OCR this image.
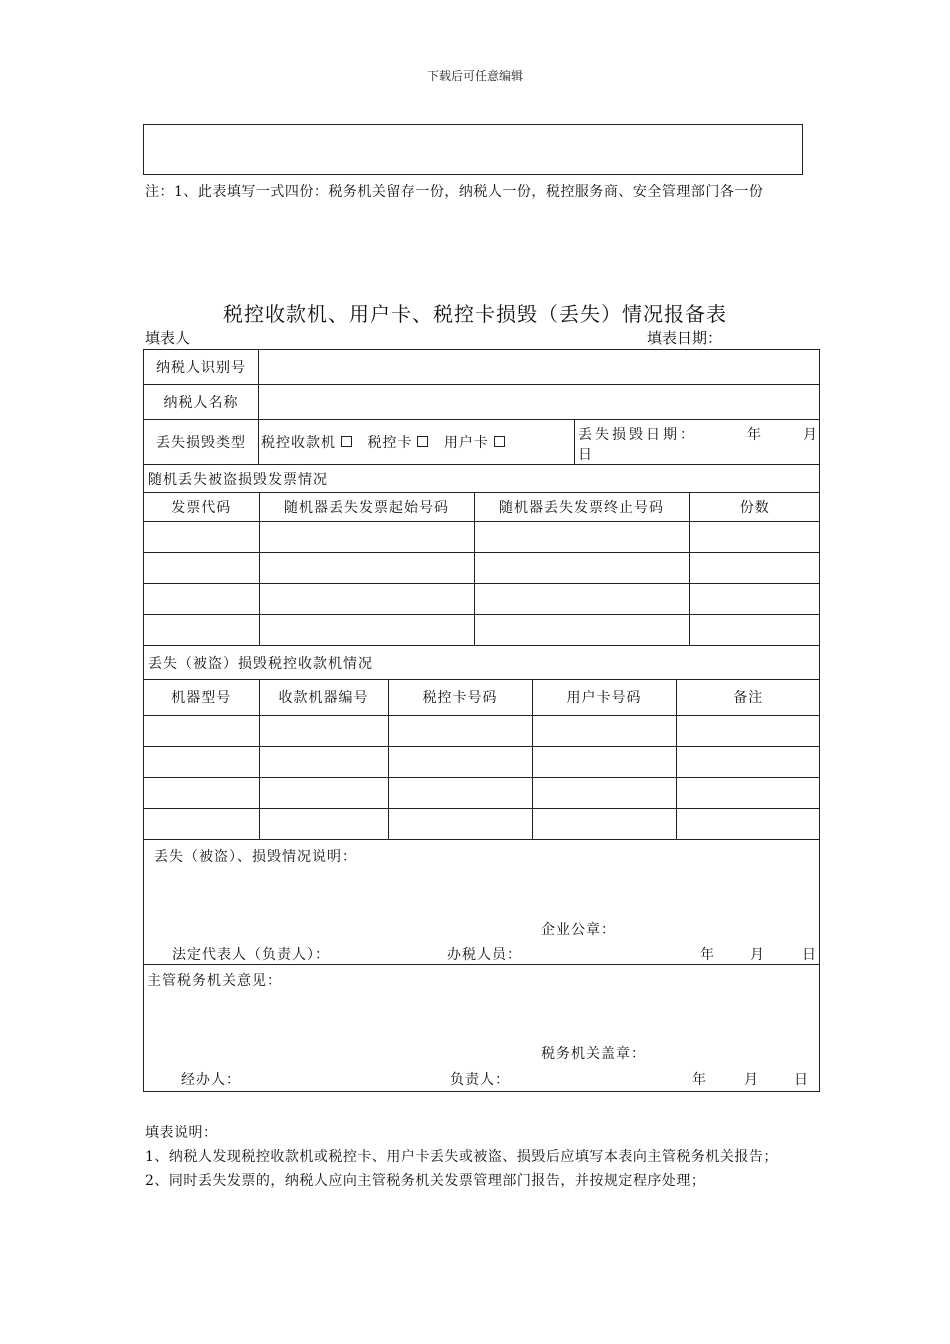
下载后可任意编辑
注：1、此表填写一式四份：税务机关留存一份，纳税人一份，税控服务商、安全管理部门各一份
税控收款机、用户卡、税控卡损毁（丢失）情况报备表
填表人	填表日期：
纳税人识别号	
纳税人名称	
丢失损毁类型	税控收款机 税控卡 用户卡	丢失损毁日期：	年	月
日

随机丢失被盗损毁发票情况

发票代码	随机器丢失发票起始号码	随机器丢失发票终止号码	份数

丢失（被盗）损毁税控收款机情况

机器型号	收款机器编号	税控卡号码	用户卡号码	备注

丢失（被盗）、损毁情况说明：
企业公章：
法定代表人（负责人）：	办税人员：	年	月	日

主管税务机关意见：
税务机关盖章：
经办人：	负责人：	年	月	日
填表说明：
1、纳税人发现税控收款机或税控卡、用户卡丢失或被盗、损毁后应填写本表向主管税务机关报告；
2、同时丢失发票的，纳税人应向主管税务机关发票管理部门报告，并按规定程序处理；
